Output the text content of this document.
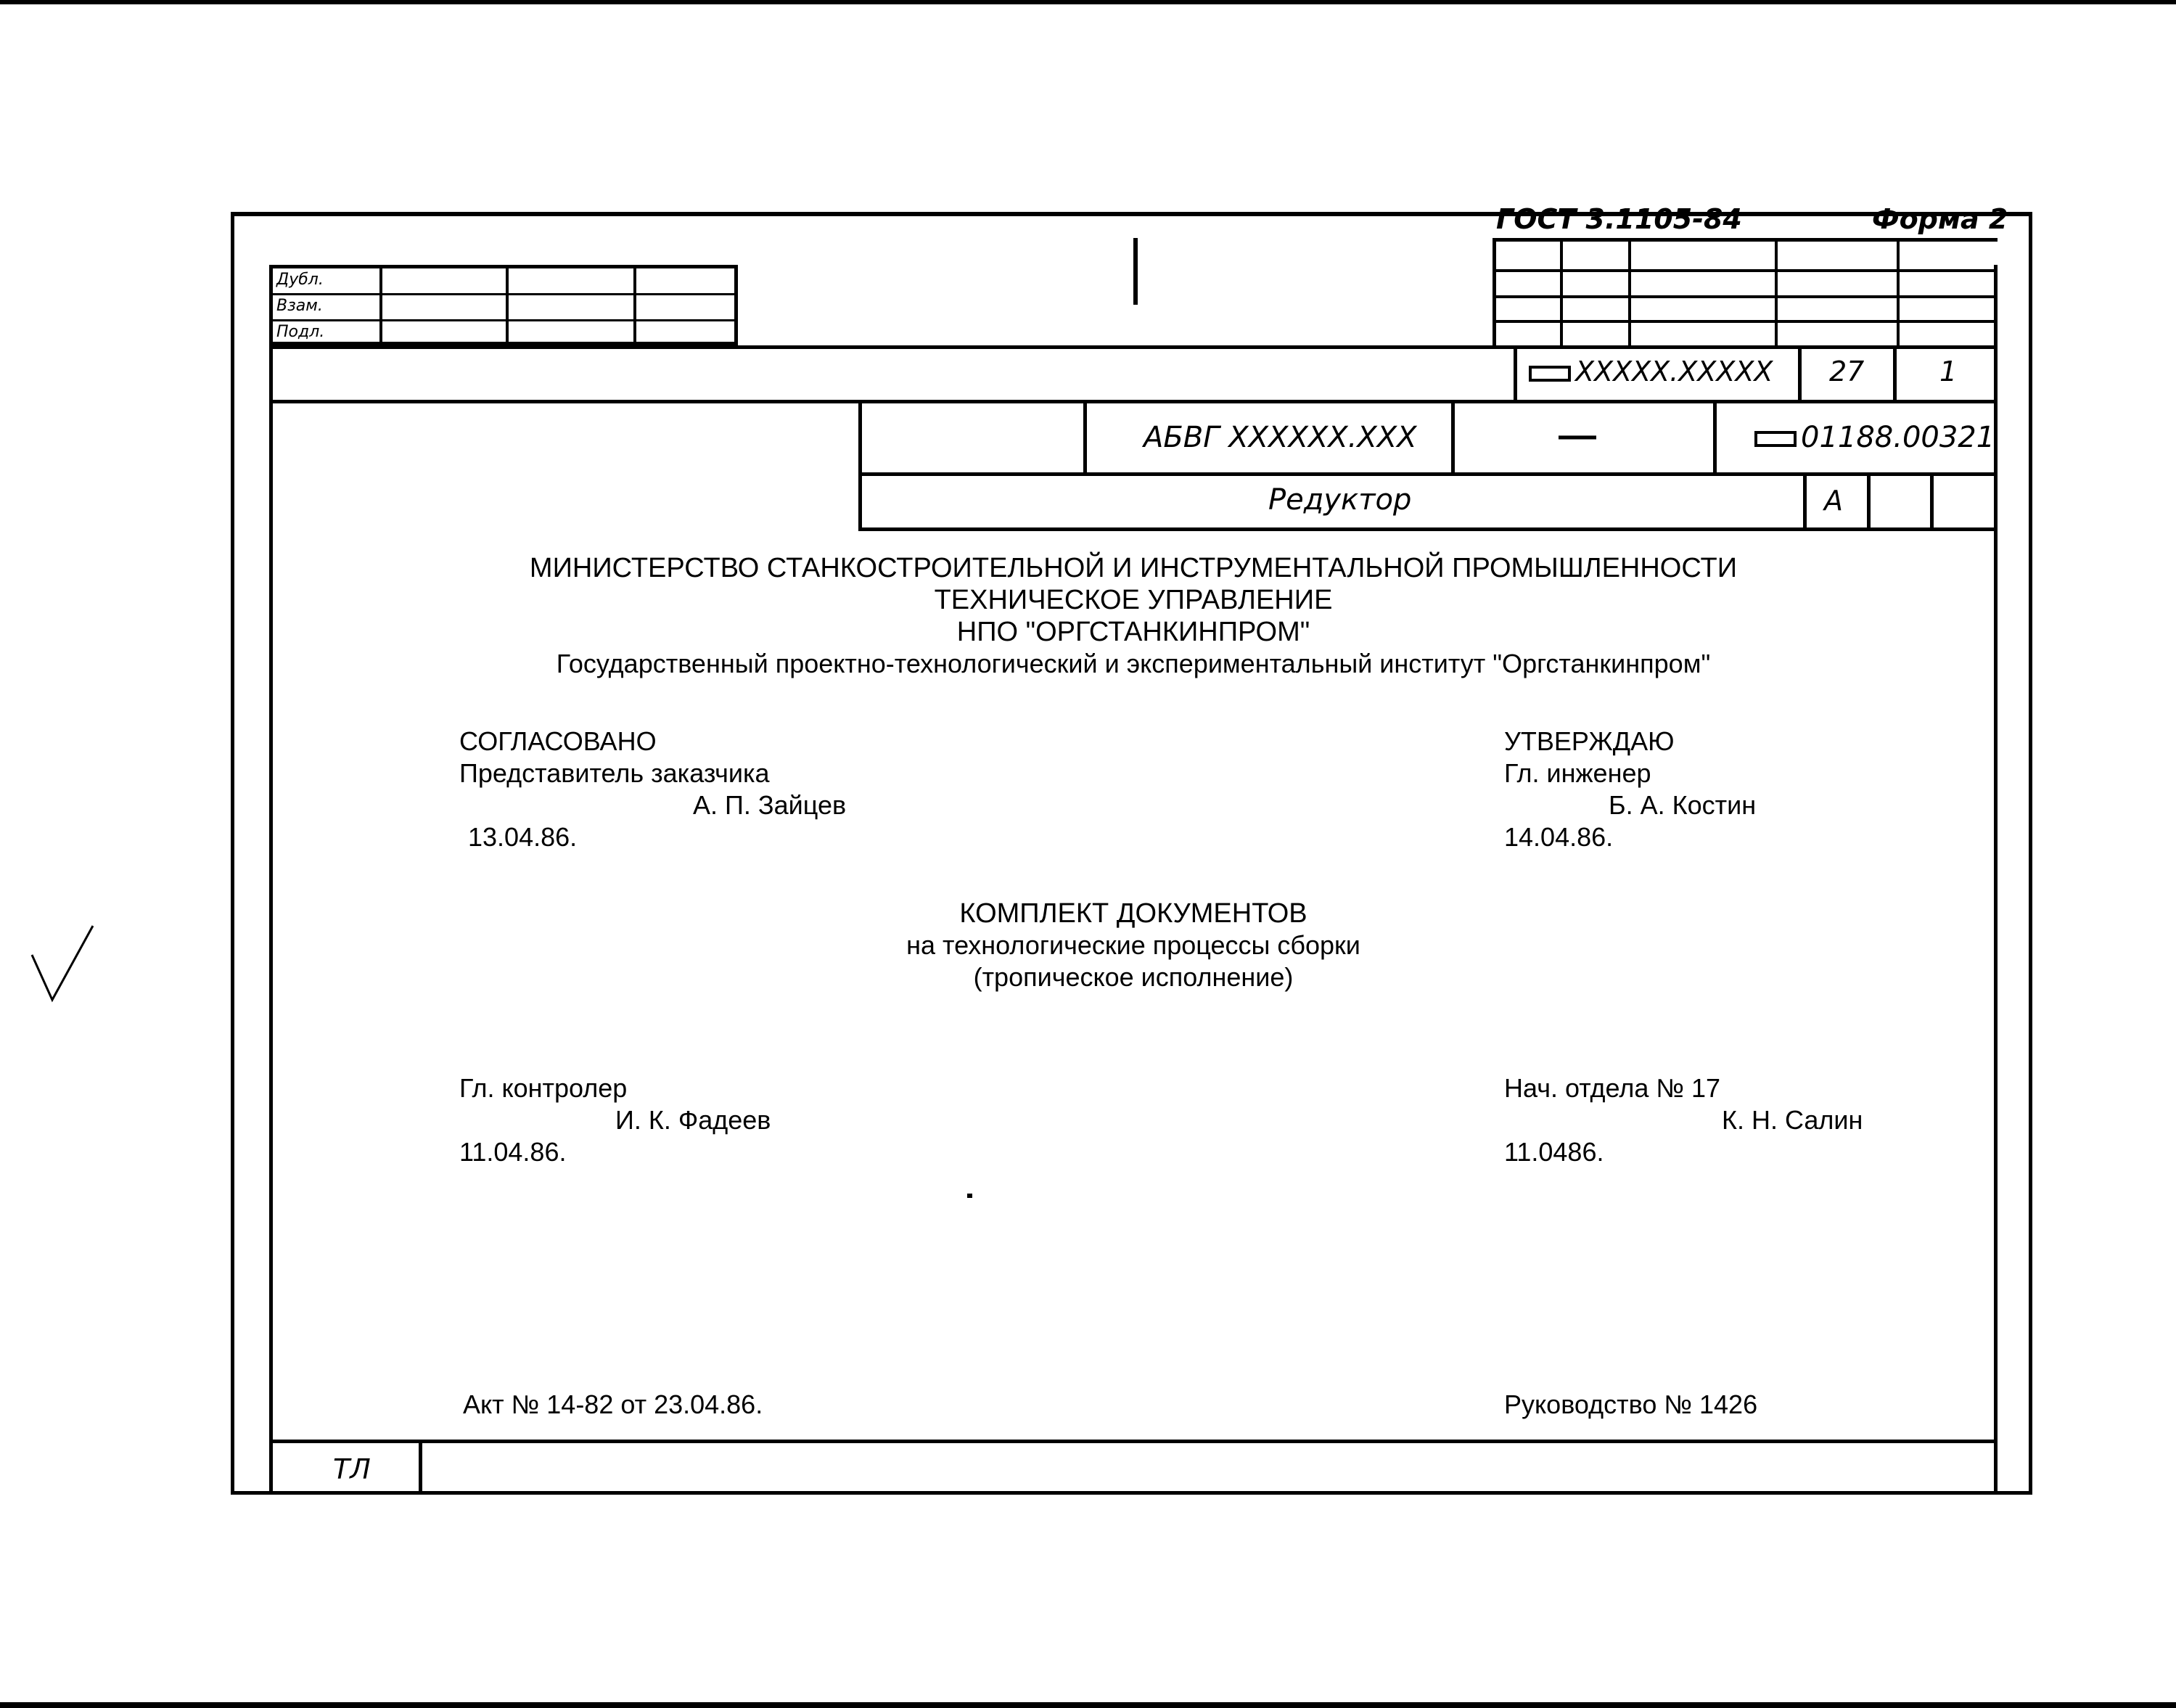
ГОСТ 3.1105-84	Форма 2
Дубл.
Взам.
Подл.
XXXXX.XXXXX 27	1
АБВГ XXXXXX.XXX	—	01188.00321
Редуктор	А
МИНИСТЕРСТВО СТАНКОСТРОИТЕЛЬНОЙ И ИНСТРУМЕНТАЛЬНОЙ ПРОМЫШЛЕННОСТИ
ТЕХНИЧЕСКОЕ УПРАВЛЕНИЕ
НПО "ОРГСТАНКИНПРОМ"
Государственный проектно-технологический и экспериментальный институт "Оргстанкинпром"
СОГЛАСОВАНО
Представитель заказчика
А. П. Зайцев
13.04.86.
УТВЕРЖДАЮ
Гл. инженер
Б. А. Костин
14.04.86.
КОМПЛЕКТ ДОКУМЕНТОВ
на технологические процессы сборки
(тропическое исполнение)
Гл. контролер
И. К. Фадеев
11.04.86.
Нач. отдела № 17
К. Н. Салин
11.0486.
Акт № 14-82 от 23.04.86.	Руководство № 1426
ТЛ
